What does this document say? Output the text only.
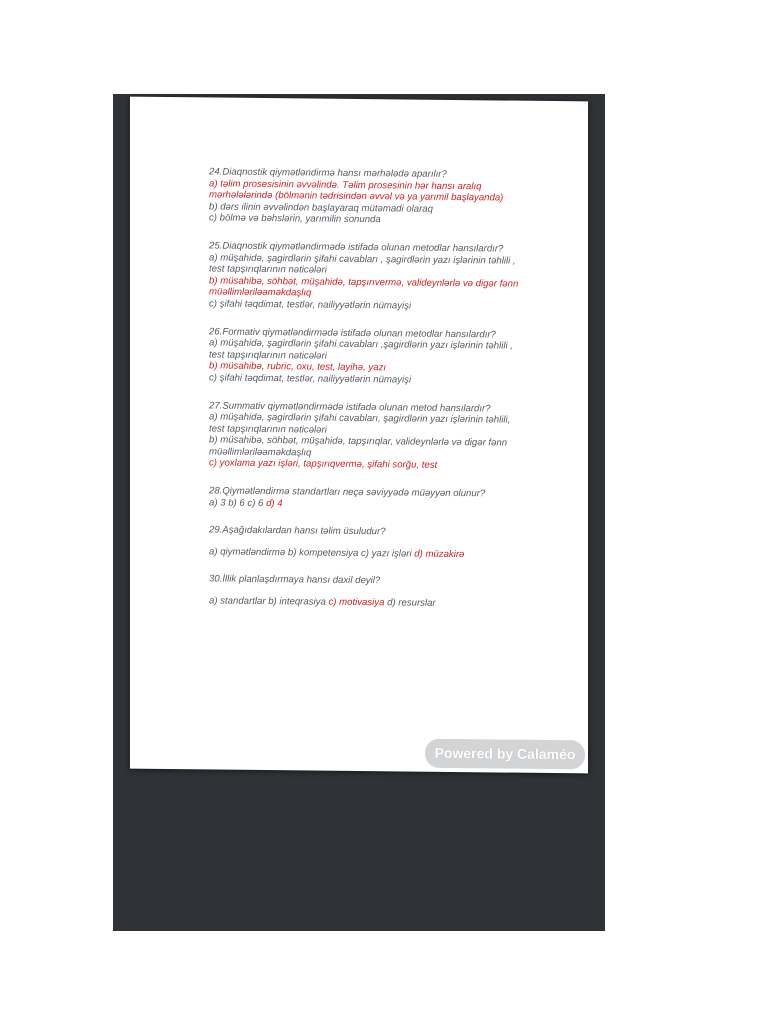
24.Diaqnostik qiymətləndirmə hansı mərhələdə aparılır?
a) təlim prosesisinin əvvəlində. Təlim prosesinin hər hansı aralıq
mərhələlərində (bölmənin tədrisindən əvvəl və ya yarımil başlayanda)
b) dərs ilinin əvvəlindən başlayaraq mütəmadi olaraq
c) bölmə və bəhslərin, yarımilin sonunda
25.Diaqnostik qiymətləndirmədə istifadə olunan metodlar hansılardır?
a) müşahidə, şagirdlərin şifahi cavabları , şagirdlərin yazı işlərinin təhlili ,
test tapşırıqlarının nəticələri
b) müsahibə, söhbət, müşahidə, tapşırıvermə, valideynlərlə və digər fənn
müəllimləriləəməkdaşlıq
c) şifahi təqdimat, testlər, nailiyyətlərin nümayişi
26.Formativ qiymətləndirmədə istifadə olunan metodlar hansılardır?
a) müşahidə, şagirdlərin şifahi cavabları ,şagirdlərin yazı işlərinin təhlili ,
test tapşırıqlarının nəticələri
b) müsahibə, rubric, oxu, test, layihə, yazı
c) şifahi təqdimat, testlər, nailiyyətlərin nümayişi
27.Summativ qiymətləndirmədə istifadə olunan metod hansılardır?
a) müşahidə, şagirdlərin şifahi cavabları, şagirdlərin yazı işlərinin təhlili,
test tapşırıqlarının nəticələri
b) müsahibə, söhbət, müşahidə, tapşırıqlar, valideynlərlə və digər fənn
müəllimləriləəməkdaşlıq
c) yoxlama yazı işləri, tapşırıqvermə, şifahi sorğu, test
28.Qiymətləndirmə standartları neçə səviyyədə müəyyən olunur?
a) 3 b) 6 c) 6 d) 4
29.Aşağıdakılardan hansı təlim üsuludur?
a) qiymətləndirmə b) kompetensiya c) yazı işləri d) müzakirə
30.İllik planlaşdırmaya hansı daxil deyil?
a) standartlar b) inteqrasiya c) motivasiya d) resurslar
Powered by Calaméo
